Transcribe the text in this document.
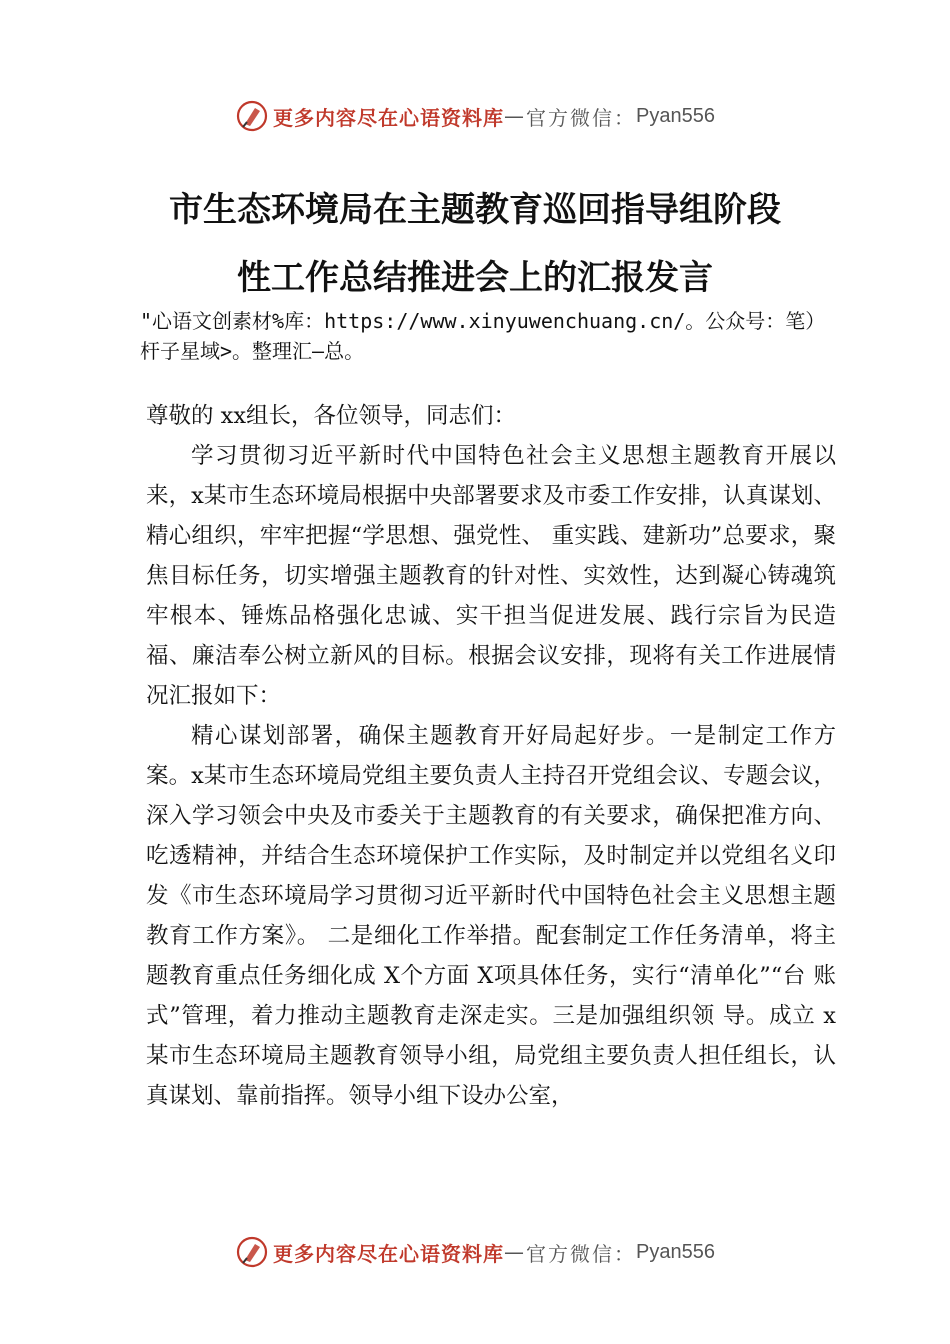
更多内容尽在心语资料库 — 官方微信： Pyan556
市生态环境局在主题教育巡回指导组阶段
性工作总结推进会上的汇报发言
"心语文创素材%库：https://www.xinyuwenchuang.cn/。公众号：笔）杆子星域>。整理汇—总。

尊敬的 xx组长，各位领导，同志们：

学习贯彻习近平新时代中国特色社会主义思想主题教育开展以来，x某市生态环境局根据中央部署要求及市委工作安排，认真谋划、精心组织，牢牢把握“学思想、强党性、 重实践、建新功”总要求，聚焦目标任务，切实增强主题教育的针对性、实效性，达到凝心铸魂筑牢根本、锤炼品格强化忠诚、实干担当促进发展、践行宗旨为民造福、廉洁奉公树立新风的目标。根据会议安排，现将有关工作进展情况汇报如下：

精心谋划部署，确保主题教育开好局起好步。一是制定工作方案。x某市生态环境局党组主要负责人主持召开党组会议、专题会议，深入学习领会中央及市委关于主题教育的有关要求，确保把准方向、吃透精神，并结合生态环境保护工作实际，及时制定并以党组名义印发《市生态环境局学习贯彻习近平新时代中国特色社会主义思想主题教育工作方案》。 二是细化工作举措。配套制定工作任务清单，将主题教育重点任务细化成 X个方面 X项具体任务，实行“清单化”“台 账式”管理，着力推动主题教育走深走实。三是加强组织领 导。成立 x某市生态环境局主题教育领导小组，局党组主要负责人担任组长，认真谋划、靠前指挥。领导小组下设办公室，

更多内容尽在心语资料库 — 官方微信： Pyan556
